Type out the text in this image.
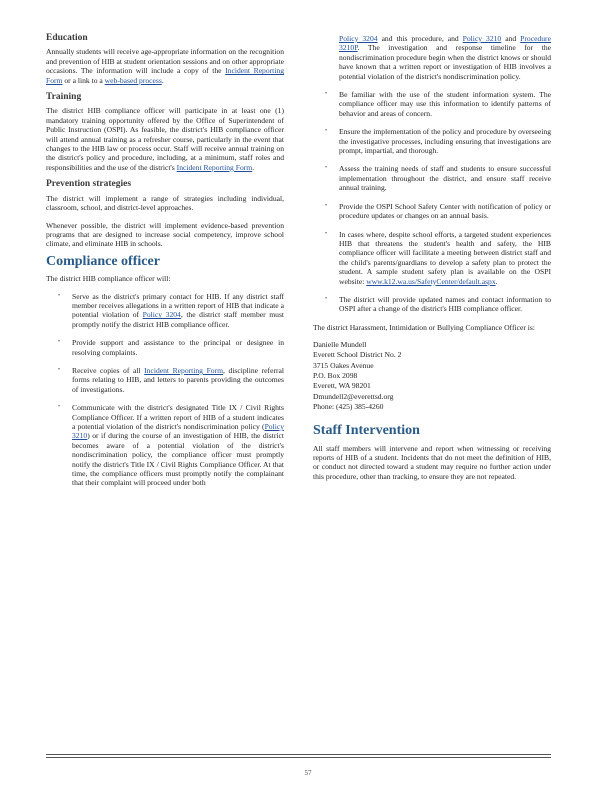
Education

Annually students will receive age-appropriate information on the recognition and prevention of HIB at student orientation sessions and on other appropriate occasions. The information will include a copy of the Incident Reporting Form or a link to a web-based process.

Training

The district HIB compliance officer will participate in at least one (1) mandatory training opportunity offered by the Office of Superintendent of Public Instruction (OSPI). As feasible, the district's HIB compliance officer will attend annual training as a refresher course, particularly in the event that changes to the HIB law or process occur. Staff will receive annual training on the district's policy and procedure, including, at a minimum, staff roles and responsibilities and the use of the district's Incident Reporting Form.

Prevention strategies

The district will implement a range of strategies including individual, classroom, school, and district-level approaches.

Whenever possible, the district will implement evidence-based prevention programs that are designed to increase social competency, improve school climate, and eliminate HIB in schools.

Compliance officer

The district HIB compliance officer will:

• Serve as the district's primary contact for HIB. If any district staff member receives allegations in a written report of HIB that indicate a potential violation of Policy 3204, the district staff member must promptly notify the district HIB compliance officer.
• Provide support and assistance to the principal or designee in resolving complaints.
• Receive copies of all Incident Reporting Form, discipline referral forms relating to HIB, and letters to parents providing the outcomes of investigations.
• Communicate with the district's designated Title IX / Civil Rights Compliance Officer. If a written report of HIB of a student indicates a potential violation of the district's nondiscrimination policy (Policy 3210) or if during the course of an investigation of HIB, the district becomes aware of a potential violation of the district's nondiscrimination policy, the compliance officer must promptly notify the district's Title IX / Civil Rights Compliance Officer. At that time, the compliance officers must promptly notify the complainant that their complaint will proceed under both
Policy 3204 and this procedure, and Policy 3210 and Procedure 3210P. The investigation and response timeline for the nondiscrimination procedure begin when the district knows or should have known that a written report or investigation of HIB involves a potential violation of the district's nondiscrimination policy.
• Be familiar with the use of the student information system. The compliance officer may use this information to identify patterns of behavior and areas of concern.
• Ensure the implementation of the policy and procedure by overseeing the investigative processes, including ensuring that investigations are prompt, impartial, and thorough.
• Assess the training needs of staff and students to ensure successful implementation throughout the district, and ensure staff receive annual training.
• Provide the OSPI School Safety Center with notification of policy or procedure updates or changes on an annual basis.
• In cases where, despite school efforts, a targeted student experiences HIB that threatens the student's health and safety, the HIB compliance officer will facilitate a meeting between district staff and the child's parents/guardians to develop a safety plan to protect the student. A sample student safety plan is available on the OSPI website: www.k12.wa.us/SafetyCenter/default.aspx.
• The district will provide updated names and contact information to OSPI after a change of the district's HIB compliance officer.

The district Harassment, Intimidation or Bullying Compliance Officer is:

Danielle Mundell
Everett School District No. 2
3715 Oakes Avenue
P.O. Box 2098
Everett, WA 98201
Dmundell2@everettsd.org
Phone: (425) 385-4260
Staff Intervention

All staff members will intervene and report when witnessing or receiving reports of HIB of a student. Incidents that do not meet the definition of HIB, or conduct not directed toward a student may require no further action under this procedure, other than tracking, to ensure they are not repeated.

57
